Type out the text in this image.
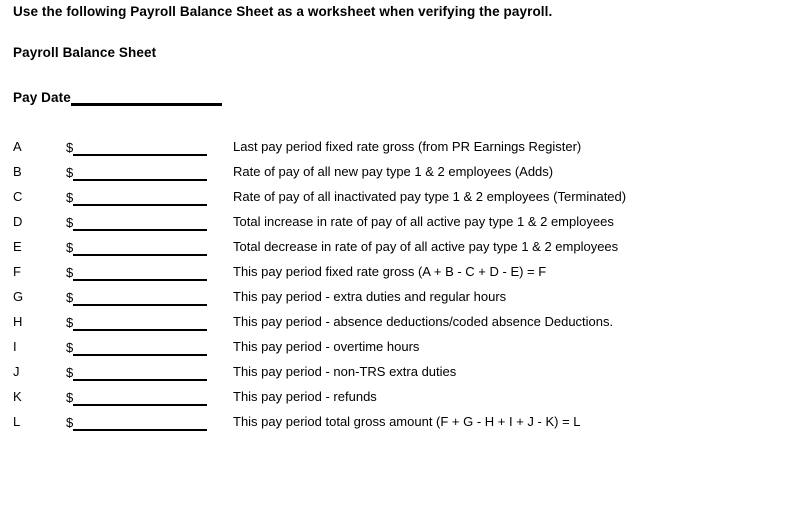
Use the following Payroll Balance Sheet as a worksheet when verifying the payroll.
Payroll Balance Sheet
Pay Date
A	$	Last pay period fixed rate gross (from PR Earnings Register)
B	$	Rate of pay of all new pay type 1 & 2 employees (Adds)
C	$	Rate of pay of all inactivated pay type 1 & 2 employees (Terminated)
D	$	Total increase in rate of pay of all active pay type 1 & 2 employees
E	$	Total decrease in rate of pay of all active pay type 1 & 2 employees
F	$	This pay period fixed rate gross (A + B - C + D - E) = F
G	$	This pay period - extra duties and regular hours
H	$	This pay period - absence deductions/coded absence Deductions.
I	$	This pay period - overtime hours
J	$	This pay period - non-TRS extra duties
K	$	This pay period - refunds
L	$	This pay period total gross amount (F + G - H + I + J - K) = L
